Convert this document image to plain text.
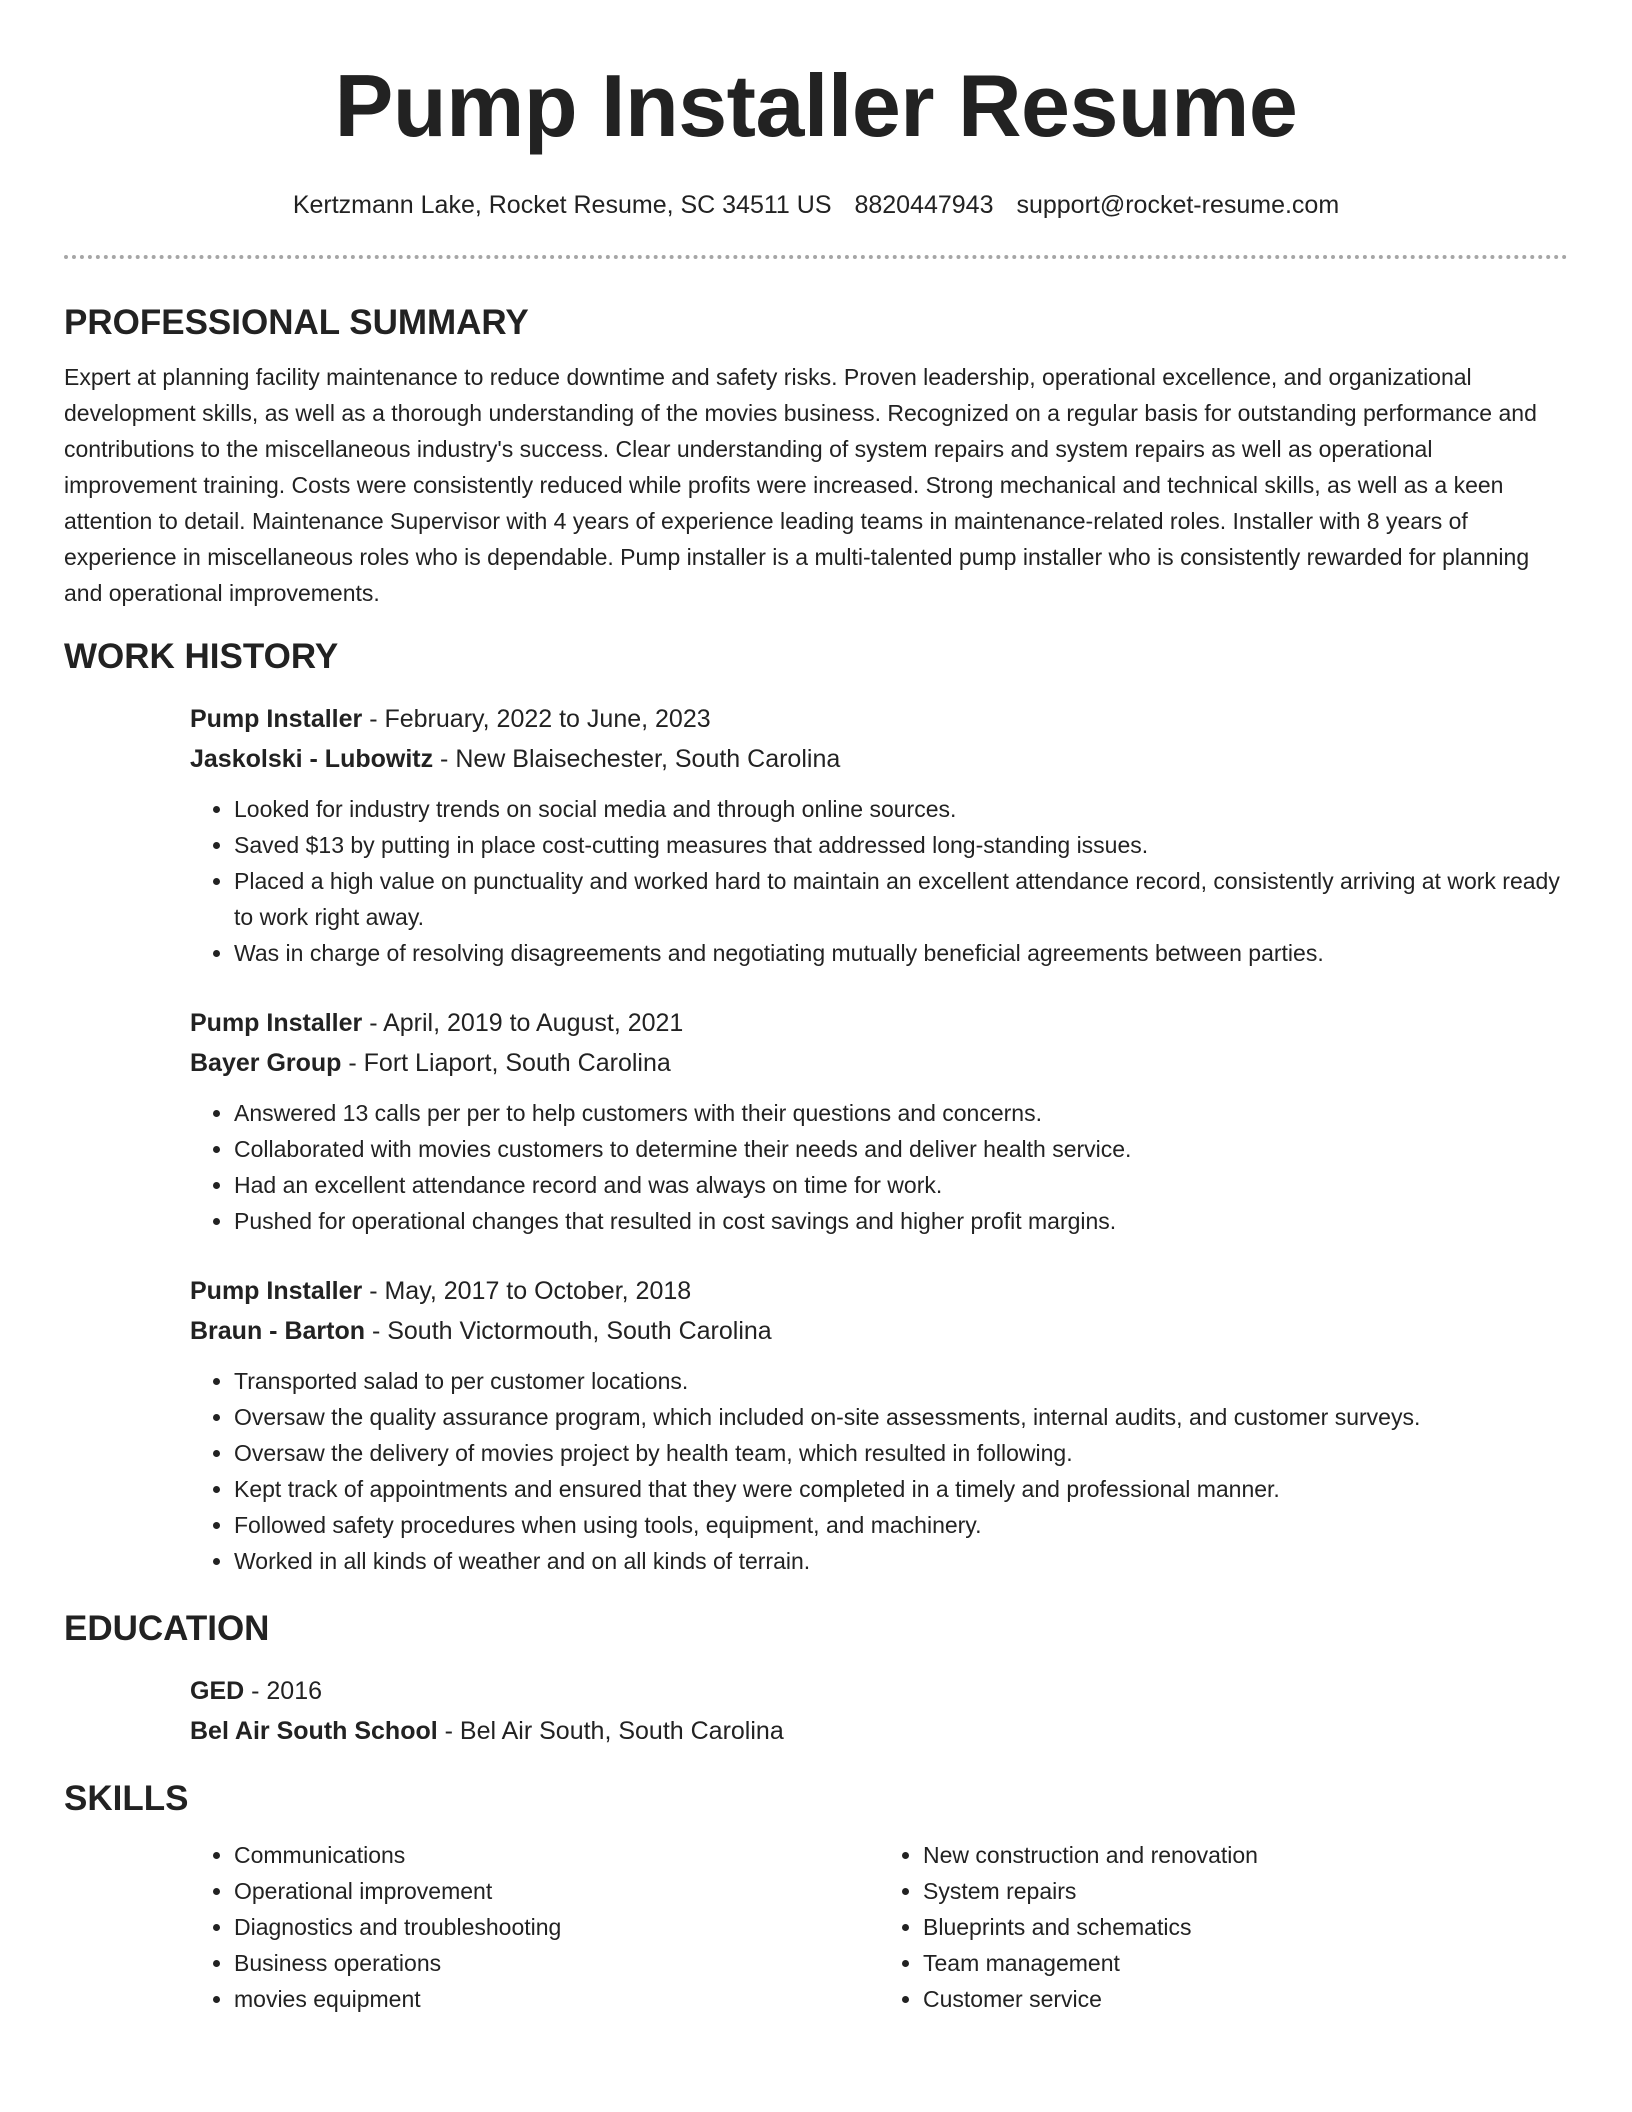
Pump Installer Resume
Kertzmann Lake, Rocket Resume, SC 34511 US 8820447943 support@rocket-resume.com
PROFESSIONAL SUMMARY

Expert at planning facility maintenance to reduce downtime and safety risks. Proven leadership, operational excellence, and organizational development skills, as well as a thorough understanding of the movies business. Recognized on a regular basis for outstanding performance and contributions to the miscellaneous industry's success. Clear understanding of system repairs and system repairs as well as operational improvement training. Costs were consistently reduced while profits were increased. Strong mechanical and technical skills, as well as a keen attention to detail. Maintenance Supervisor with 4 years of experience leading teams in maintenance-related roles. Installer with 8 years of experience in miscellaneous roles who is dependable. Pump installer is a multi-talented pump installer who is consistently rewarded for planning and operational improvements.

WORK HISTORY

Pump Installer - February, 2022 to June, 2023

Jaskolski - Lubowitz - New Blaisechester, South Carolina

• Looked for industry trends on social media and through online sources.
• Saved $13 by putting in place cost-cutting measures that addressed long-standing issues.
• Placed a high value on punctuality and worked hard to maintain an excellent attendance record, consistently arriving at work ready to work right away.
• Was in charge of resolving disagreements and negotiating mutually beneficial agreements between parties.

Pump Installer - April, 2019 to August, 2021

Bayer Group - Fort Liaport, South Carolina

• Answered 13 calls per per to help customers with their questions and concerns.
• Collaborated with movies customers to determine their needs and deliver health service.
• Had an excellent attendance record and was always on time for work.
• Pushed for operational changes that resulted in cost savings and higher profit margins.

Pump Installer - May, 2017 to October, 2018

Braun - Barton - South Victormouth, South Carolina

• Transported salad to per customer locations.
• Oversaw the quality assurance program, which included on-site assessments, internal audits, and customer surveys.
• Oversaw the delivery of movies project by health team, which resulted in following.
• Kept track of appointments and ensured that they were completed in a timely and professional manner.
• Followed safety procedures when using tools, equipment, and machinery.
• Worked in all kinds of weather and on all kinds of terrain.
EDUCATION

GED - 2016

Bel Air South School - Bel Air South, South Carolina

SKILLS
• Communications
• Operational improvement
• Diagnostics and troubleshooting
• Business operations
• movies equipment
• New construction and renovation
• System repairs
• Blueprints and schematics
• Team management
• Customer service
